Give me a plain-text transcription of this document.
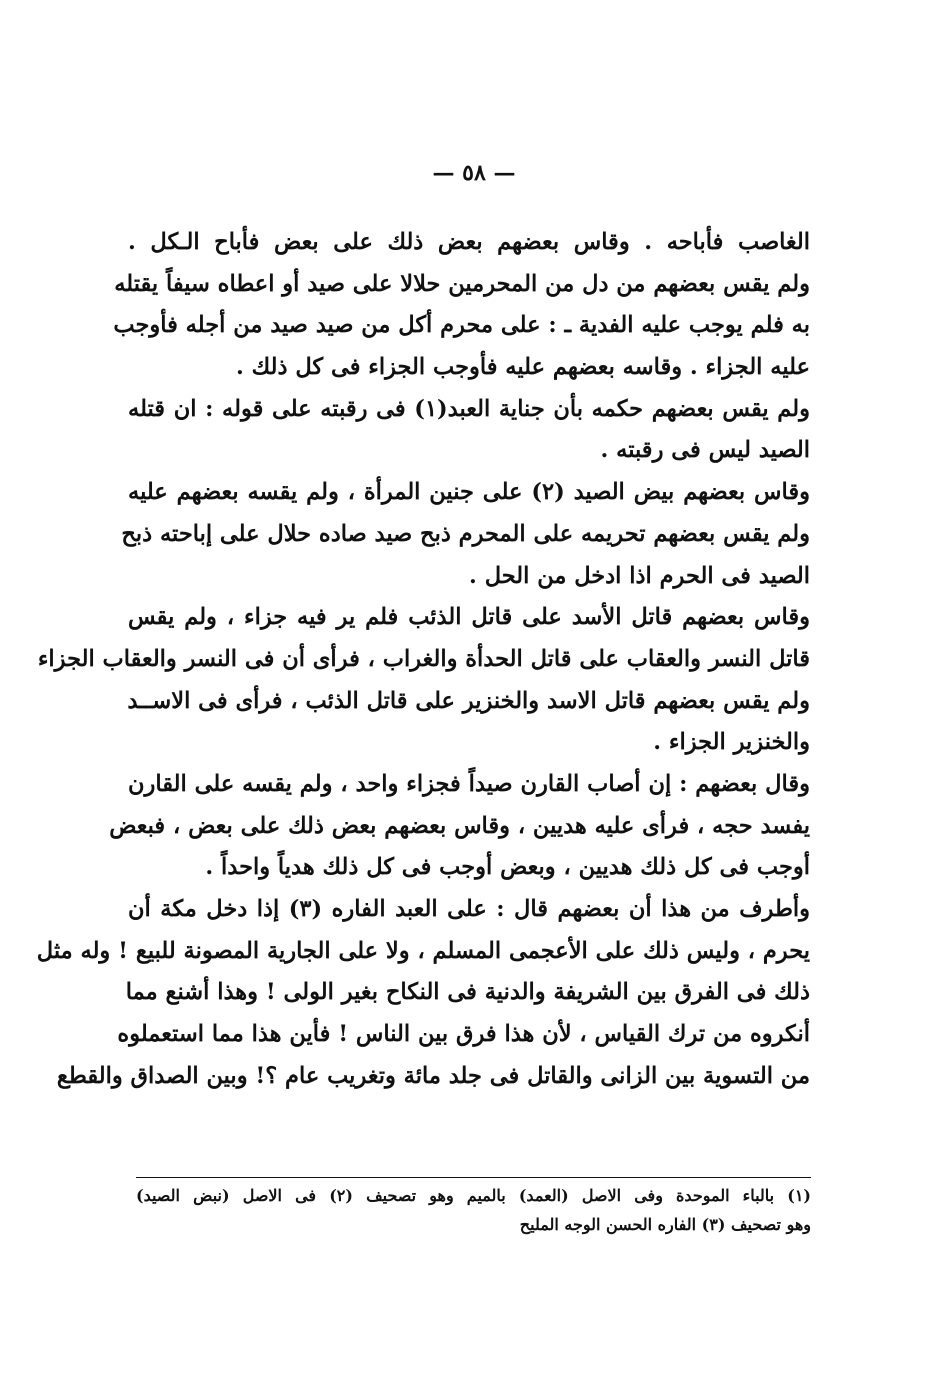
— ٥٨ —
الغاصب فأباحه . وقاس بعضهم بعض ذلك على بعض فأباح الـكل .
ولم يقس بعضهم من دل من المحرمين حلالا على صيد أو اعطاه سيفاً يقتله
به فلم يوجب عليه الفدية ـ : على محرم أكل من صيد صيد من أجله فأوجب
عليه الجزاء . وقاسه بعضهم عليه فأوجب الجزاء فى كل ذلك .
ولم يقس بعضهم حكمه بأن جناية العبد(١) فى رقبته على قوله : ان قتله
الصيد ليس فى رقبته .
وقاس بعضهم بيض الصيد (٢) على جنين المرأة ، ولم يقسه بعضهم عليه
ولم يقس بعضهم تحريمه على المحرم ذبح صيد صاده حلال على إباحته ذبح
الصيد فى الحرم اذا ادخل من الحل .
وقاس بعضهم قاتل الأسد على قاتل الذئب فلم ير فيه جزاء ، ولم يقس
قاتل النسر والعقاب على قاتل الحدأة والغراب ، فرأى أن فى النسر والعقاب الجزاء
ولم يقس بعضهم قاتل الاسد والخنزير على قاتل الذئب ، فرأى فى الاســد
والخنزير الجزاء .
وقال بعضهم : إن أصاب القارن صيداً فجزاء واحد ، ولم يقسه على القارن
يفسد حجه ، فرأى عليه هديين ، وقاس بعضهم بعض ذلك على بعض ، فبعض
أوجب فى كل ذلك هديين ، وبعض أوجب فى كل ذلك هدياً واحداً .
وأطرف من هذا أن بعضهم قال : على العبد الفاره (٣) إذا دخل مكة أن
يحرم ، وليس ذلك على الأعجمى المسلم ، ولا على الجارية المصونة للبيع ! وله مثل
ذلك فى الفرق بين الشريفة والدنية فى النكاح بغير الولى ! وهذا أشنع مما
أنكروه من ترك القياس ، لأن هذا فرق بين الناس ! فأين هذا مما استعملوه
من التسوية بين الزانى والقاتل فى جلد مائة وتغريب عام ؟! وبين الصداق والقطع
(١) بالباء الموحدة وفى الاصل (العمد) بالميم وهو تصحيف (٢) فى الاصل (نبض الصيد)
وهو تصحيف (٣) الفاره الحسن الوجه المليح
